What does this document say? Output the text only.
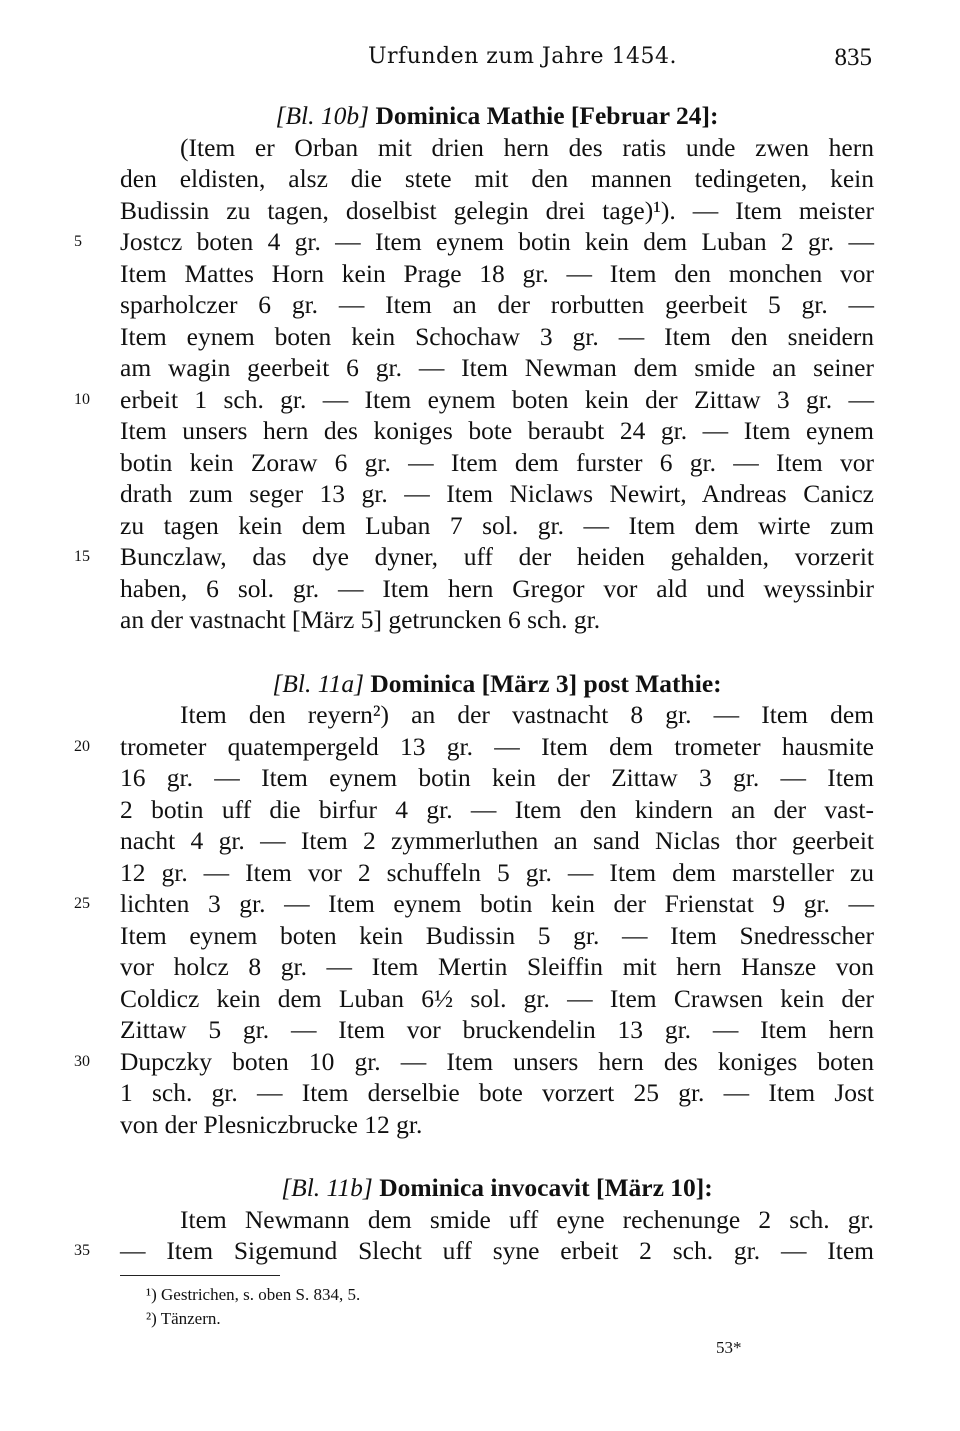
Urfunden zum Jahre 1454.	835
[Bl. 10b] Dominica Mathie [Februar 24]:
(Item er Orban mit drien hern des ratis unde zwen hern
den eldisten, alsz die stete mit den mannen tedingeten, kein
Budissin zu tagen, doselbist gelegin drei tage)¹). — Item meister
5	Jostcz boten 4 gr. — Item eynem botin kein dem Luban 2 gr. —
Item Mattes Horn kein Prage 18 gr. — Item den monchen vor
sparholczer 6 gr. — Item an der rorbutten geerbeit 5 gr. —
Item eynem boten kein Schochaw 3 gr. — Item den sneidern
am wagin geerbeit 6 gr. — Item Newman dem smide an seiner
10	erbeit 1 sch. gr. — Item eynem boten kein der Zittaw 3 gr. —
Item unsers hern des koniges bote beraubt 24 gr. — Item eynem
botin kein Zoraw 6 gr. — Item dem furster 6 gr. — Item vor
drath zum seger 13 gr. — Item Niclaws Newirt, Andreas Canicz
zu tagen kein dem Luban 7 sol. gr. — Item dem wirte zum
15	Bunczlaw, das dye dyner, uff der heiden gehalden, vorzerit
haben, 6 sol. gr. — Item hern Gregor vor ald und weyssinbir
an der vastnacht [März 5] getruncken 6 sch. gr.
[Bl. 11a] Dominica [März 3] post Mathie:
Item den reyern²) an der vastnacht 8 gr. — Item dem
20	trometer quatempergeld 13 gr. — Item dem trometer hausmite
16 gr. — Item eynem botin kein der Zittaw 3 gr. — Item
2 botin uff die birfur 4 gr. — Item den kindern an der vast-
nacht 4 gr. — Item 2 zymmerluthen an sand Niclas thor geerbeit
12 gr. — Item vor 2 schuffeln 5 gr. — Item dem marsteller zu
25	lichten 3 gr. — Item eynem botin kein der Frienstat 9 gr. —
Item eynem boten kein Budissin 5 gr. — Item Snedresscher
vor holcz 8 gr. — Item Mertin Sleiffin mit hern Hansze von
Coldicz kein dem Luban 6½ sol. gr. — Item Crawsen kein der
Zittaw 5 gr. — Item vor bruckendelin 13 gr. — Item hern
30	Dupczky boten 10 gr. — Item unsers hern des koniges boten
1 sch. gr. — Item derselbie bote vorzert 25 gr. — Item Jost
von der Plesniczbrucke 12 gr.
[Bl. 11b] Dominica invocavit [März 10]:
Item Newmann dem smide uff eyne rechenunge 2 sch. gr.
35	— Item Sigemund Slecht uff syne erbeit 2 sch. gr. — Item
¹) Gestrichen, s. oben S. 834, 5.
²) Tänzern.
53*
